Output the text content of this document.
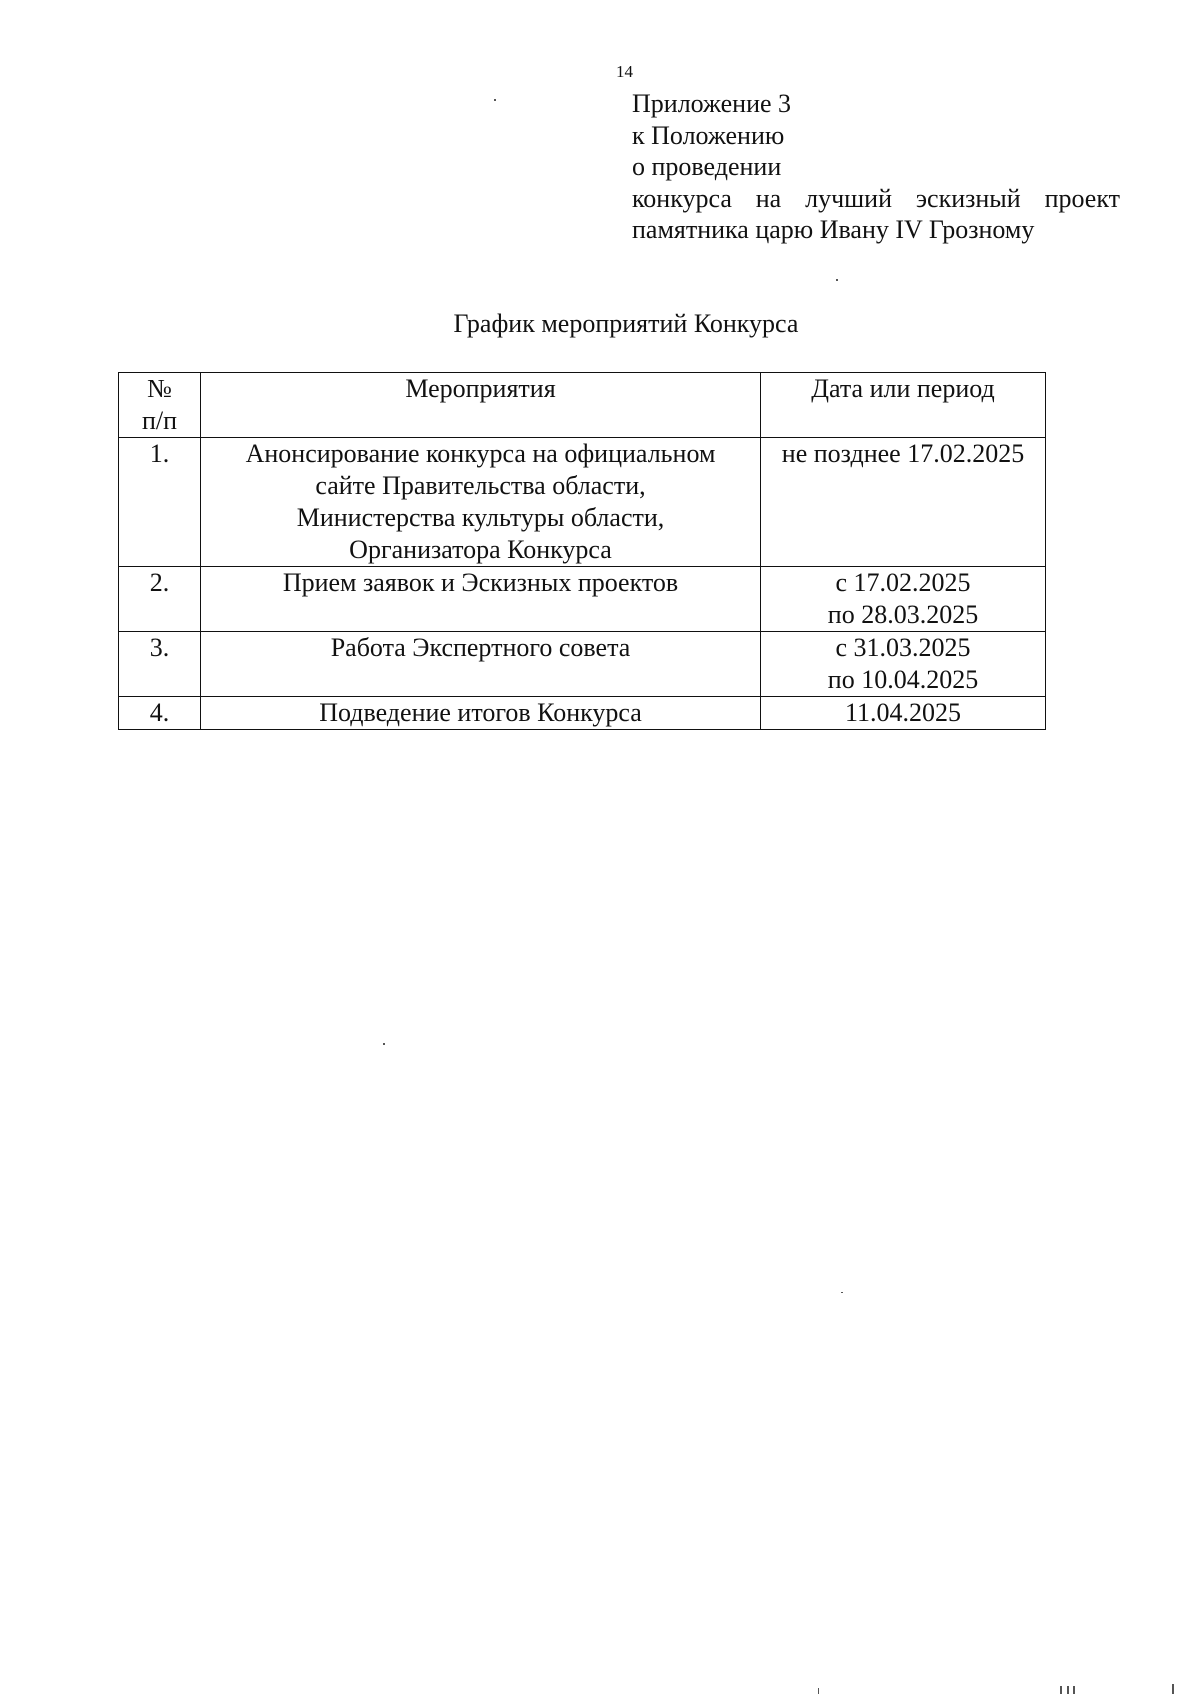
14
Приложение 3
к Положению
о проведении
конкурса на лучший эскизный проект
памятника царю Ивану IV Грозному
График мероприятий Конкурса
№
п/п	Мероприятия	Дата или период
1.	Анонсирование конкурса на официальном
сайте Правительства области,
Министерства культуры области,
Организатора Конкурса	не позднее 17.02.2025

2.	Прием заявок и Эскизных проектов	с 17.02.2025
по 28.03.2025

3.	Работа Экспертного совета	с 31.03.2025
по 10.04.2025

4.	Подведение итогов Конкурса	11.04.2025
